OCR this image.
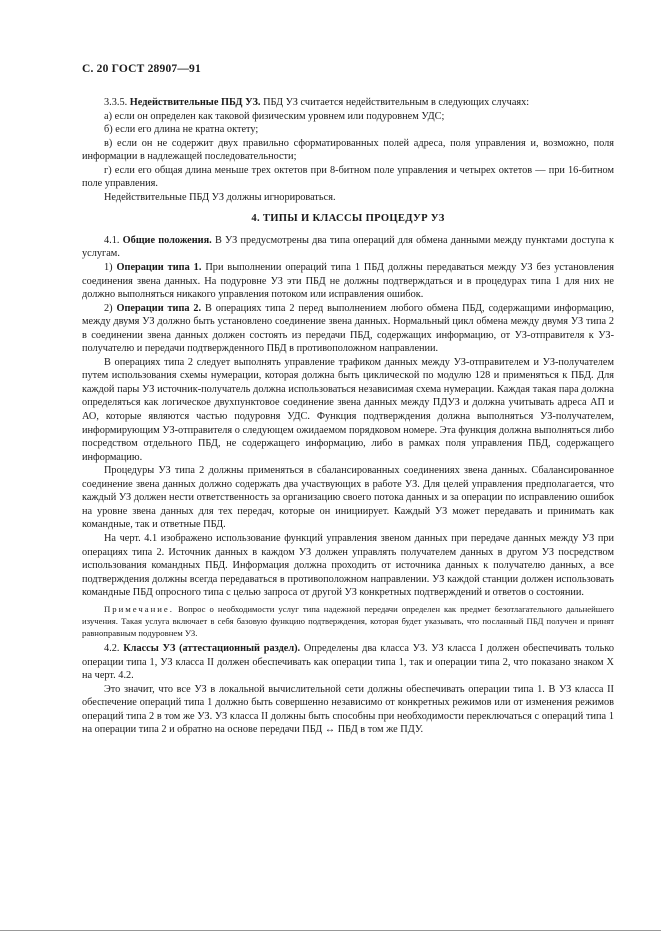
С. 20 ГОСТ 28907—91

3.3.5. Недействительные ПБД УЗ. ПБД УЗ считается недействительным в следующих случаях:

а) если он определен как таковой физическим уровнем или подуровнем УДС;

б) если его длина не кратна октету;

в) если он не содержит двух правильно сформатированных полей адреса, поля управления и, возможно, поля информации в надлежащей последовательности;

г) если его общая длина меньше трех октетов при 8-битном поле управления и четырех октетов — при 16-битном поле управления.

Недействительные ПБД УЗ должны игнорироваться.

4. ТИПЫ И КЛАССЫ ПРОЦЕДУР УЗ

4.1. Общие положения. В УЗ предусмотрены два типа операций для обмена данными между пунктами доступа к услугам.

1) Операции типа 1. При выполнении операций типа 1 ПБД должны передаваться между УЗ без установления соединения звена данных. На подуровне УЗ эти ПБД не должны подтверждаться и в процедурах типа 1 для них не должно выполняться никакого управления потоком или исправления ошибок.

2) Операции типа 2. В операциях типа 2 перед выполнением любого обмена ПБД, содержащими информацию, между двумя УЗ должно быть установлено соединение звена данных. Нормальный цикл обмена между двумя УЗ типа 2 в соединении звена данных должен состоять из передачи ПБД, содержащих информацию, от УЗ-отправителя к УЗ-получателю и передачи подтвержденного ПБД в противоположном направлении.

В операциях типа 2 следует выполнять управление трафиком данных между УЗ-отправителем и УЗ-получателем путем использования схемы нумерации, которая должна быть циклической по модулю 128 и применяться к ПБД. Для каждой пары УЗ источник-получатель должна использоваться независимая схема нумерации. Каждая такая пара должна определяться как логическое двухпунктовое соединение звена данных между ПДУЗ и должна учитывать адреса АП и АО, которые являются частью подуровня УДС. Функция подтверждения должна выполняться УЗ-получателем, информирующим УЗ-отправителя о следующем ожидаемом порядковом номере. Эта функция должна выполняться либо посредством отдельного ПБД, не содержащего информацию, либо в рамках поля управления ПБД, содержащего информацию.

Процедуры УЗ типа 2 должны применяться в сбалансированных соединениях звена данных. Сбалансированное соединение звена данных должно содержать два участвующих в работе УЗ. Для целей управления предполагается, что каждый УЗ должен нести ответственность за организацию своего потока данных и за операции по исправлению ошибок на уровне звена данных для тех передач, которые он инициирует. Каждый УЗ может передавать и принимать как командные, так и ответные ПБД.

На черт. 4.1 изображено использование функций управления звеном данных при передаче данных между УЗ при операциях типа 2. Источник данных в каждом УЗ должен управлять получателем данных в другом УЗ посредством использования командных ПБД. Информация должна проходить от источника данных к получателю данных, а все подтверждения должны всегда передаваться в противоположном направлении. УЗ каждой станции должен использовать командные ПБД опросного типа с целью запроса от другой УЗ конкретных подтверждений и ответов о состоянии.

Примечание. Вопрос о необходимости услуг типа надежной передачи определен как предмет безотлагательного дальнейшего изучения. Такая услуга включает в себя базовую функцию подтверждения, которая будет указывать, что посланный ПБД получен и принят равноправным подуровнем УЗ.

4.2. Классы УЗ (аттестационный раздел). Определены два класса УЗ. УЗ класса I должен обеспечивать только операции типа 1, УЗ класса II должен обеспечивать как операции типа 1, так и операции типа 2, что показано знаком X на черт. 4.2.

Это значит, что все УЗ в локальной вычислительной сети должны обеспечивать операции типа 1. В УЗ класса II обеспечение операций типа 1 должно быть совершенно независимо от конкретных режимов или от изменения режимов операций типа 2 в том же УЗ. УЗ класса II должны быть способны при необходимости переключаться с операций типа 1 на операции типа 2 и обратно на основе передачи ПБД ↔ ПБД в том же ПДУ.
